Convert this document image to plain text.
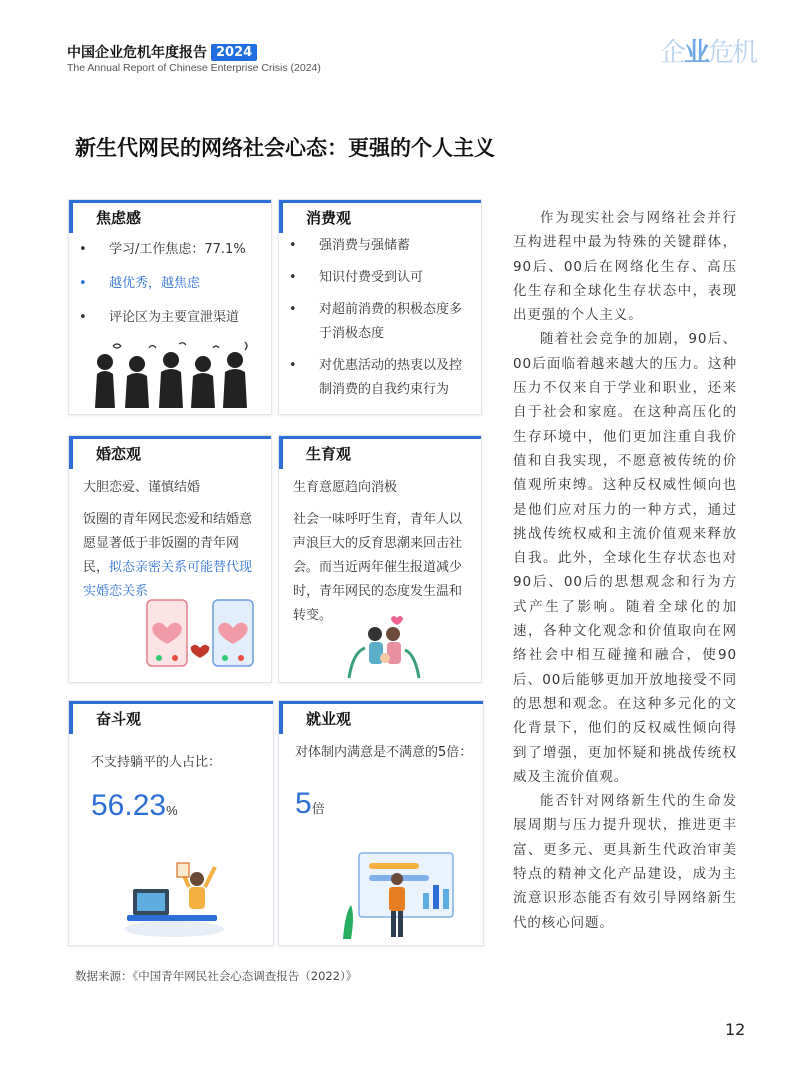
中国企业危机年度报告 2024
The Annual Report of Chinese Enterprise Crisis (2024)	企业危机
新生代网民的网络社会心态：更强的个人主义
焦虑感
•	学习/工作焦虑：77.1%
•	越优秀，越焦虑
•	评论区为主要宣泄渠道
消费观
•	强消费与强储蓄
•	知识付费受到认可
•	对超前消费的积极态度多于消极态度
•	对优惠活动的热衷以及控制消费的自我约束行为
婚恋观
大胆恋爱、谨慎结婚
饭圈的青年网民恋爱和结婚意愿显著低于非饭圈的青年网民，拟态亲密关系可能替代现实婚恋关系
生育观
生育意愿趋向消极
社会一味呼吁生育，青年人以声浪巨大的反育思潮来回击社会。而当近两年催生报道减少时，青年网民的态度发生温和转变。
奋斗观
不支持躺平的人占比：
56.23%
就业观
对体制内满意是不满意的5倍：
5倍

作为现实社会与网络社会并行互构进程中最为特殊的关键群体，90后、00后在网络化生存、高压化生存和全球化生存状态中，表现出更强的个人主义。

随着社会竞争的加剧，90后、00后面临着越来越大的压力。这种压力不仅来自于学业和职业，还来自于社会和家庭。在这种高压化的生存环境中，他们更加注重自我价值和自我实现，不愿意被传统的价值观所束缚。这种反权威性倾向也是他们应对压力的一种方式，通过挑战传统权威和主流价值观来释放自我。此外，全球化生存状态也对90后、00后的思想观念和行为方式产生了影响。随着全球化的加速，各种文化观念和价值取向在网络社会中相互碰撞和融合，使90后、00后能够更加开放地接受不同的思想和观念。在这种多元化的文化背景下，他们的反权威性倾向得到了增强，更加怀疑和挑战传统权威及主流价值观。

能否针对网络新生代的生命发展周期与压力提升现状，推进更丰富、更多元、更具新生代政治审美特点的精神文化产品建设，成为主流意识形态能否有效引导网络新生代的核心问题。

数据来源：《中国青年网民社会心态调查报告（2022）》
12
